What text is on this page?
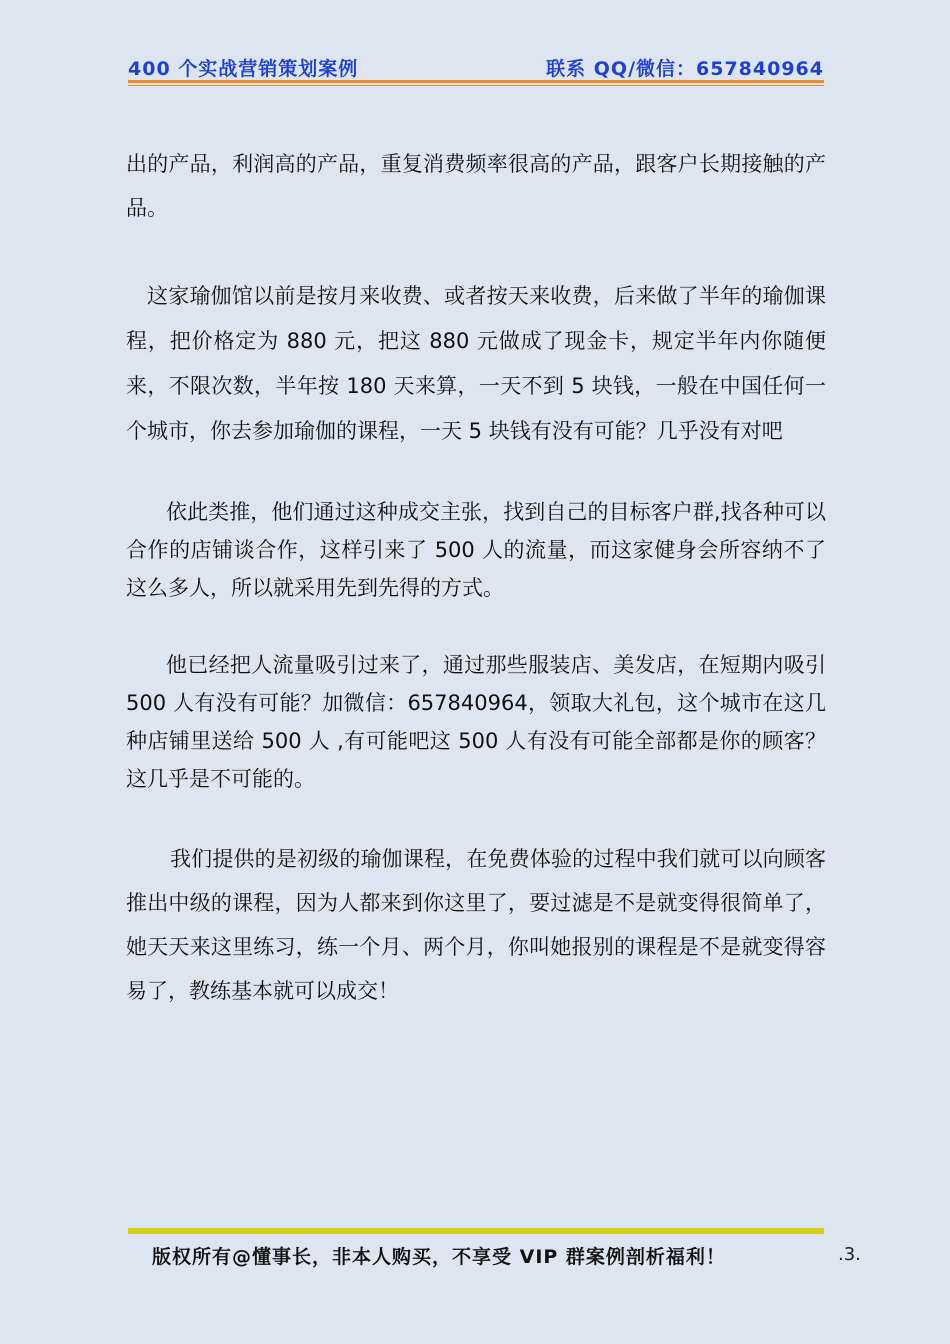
400 个实战营销策划案例	联系 QQ/微信：657840964

出的产品，利润高的产品，重复消费频率很高的产品，跟客户长期接触的产品。

这家瑜伽馆以前是按月来收费、或者按天来收费，后来做了半年的瑜伽课程，把价格定为 880 元，把这 880 元做成了现金卡，规定半年内你随便来，不限次数，半年按 180 天来算，一天不到 5 块钱，一般在中国任何一个城市，你去参加瑜伽的课程，一天 5 块钱有没有可能？几乎没有对吧

依此类推，他们通过这种成交主张，找到自己的目标客户群,找各种可以合作的店铺谈合作，这样引来了 500 人的流量，而这家健身会所容纳不了这么多人，所以就采用先到先得的方式。

他已经把人流量吸引过来了，通过那些服装店、美发店，在短期内吸引 500 人有没有可能？加微信：657840964，领取大礼包，这个城市在这几种店铺里送给 500 人 ,有可能吧这 500 人有没有可能全部都是你的顾客？这几乎是不可能的。

我们提供的是初级的瑜伽课程，在免费体验的过程中我们就可以向顾客推出中级的课程，因为人都来到你这里了，要过滤是不是就变得很简单了，她天天来这里练习，练一个月、两个月，你叫她报别的课程是不是就变得容易了，教练基本就可以成交！

版权所有@懂事长，非本人购买，不享受 VIP 群案例剖析福利！	.3.
